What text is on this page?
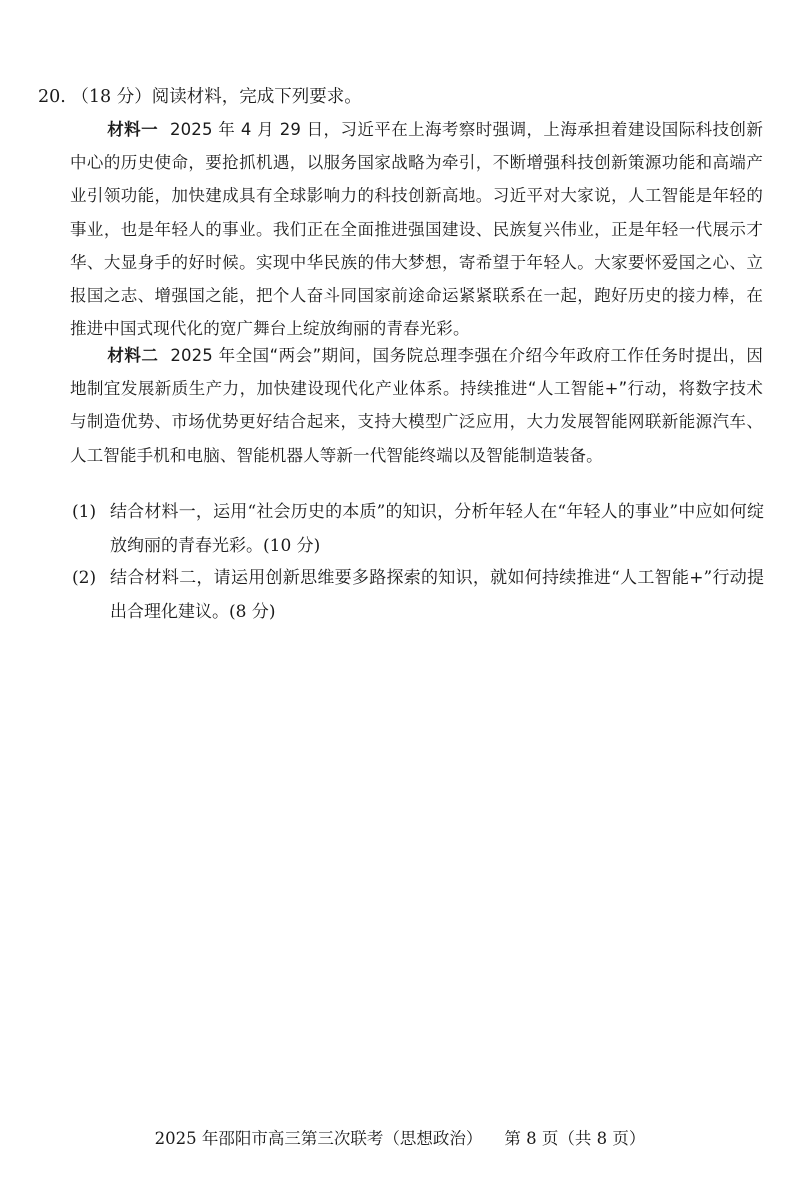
20. （18 分）阅读材料，完成下列要求。
材料一 2025 年 4 月 29 日，习近平在上海考察时强调，上海承担着建设国际科技创新中心的历史使命，要抢抓机遇，以服务国家战略为牵引，不断增强科技创新策源功能和高端产业引领功能，加快建成具有全球影响力的科技创新高地。习近平对大家说，人工智能是年轻的事业，也是年轻人的事业。我们正在全面推进强国建设、民族复兴伟业，正是年轻一代展示才华、大显身手的好时候。实现中华民族的伟大梦想，寄希望于年轻人。大家要怀爱国之心、立报国之志、增强国之能，把个人奋斗同国家前途命运紧紧联系在一起，跑好历史的接力棒，在推进中国式现代化的宽广舞台上绽放绚丽的青春光彩。
材料二 2025 年全国“两会”期间，国务院总理李强在介绍今年政府工作任务时提出，因地制宜发展新质生产力，加快建设现代化产业体系。持续推进“人工智能+”行动，将数字技术与制造优势、市场优势更好结合起来，支持大模型广泛应用，大力发展智能网联新能源汽车、人工智能手机和电脑、智能机器人等新一代智能终端以及智能制造装备。
(1) 结合材料一，运用“社会历史的本质”的知识，分析年轻人在“年轻人的事业”中应如何绽放绚丽的青春光彩。(10 分)
(2) 结合材料二，请运用创新思维要多路探索的知识，就如何持续推进“人工智能+”行动提出合理化建议。(8 分)
2025 年邵阳市高三第三次联考（思想政治） 第 8 页（共 8 页）
